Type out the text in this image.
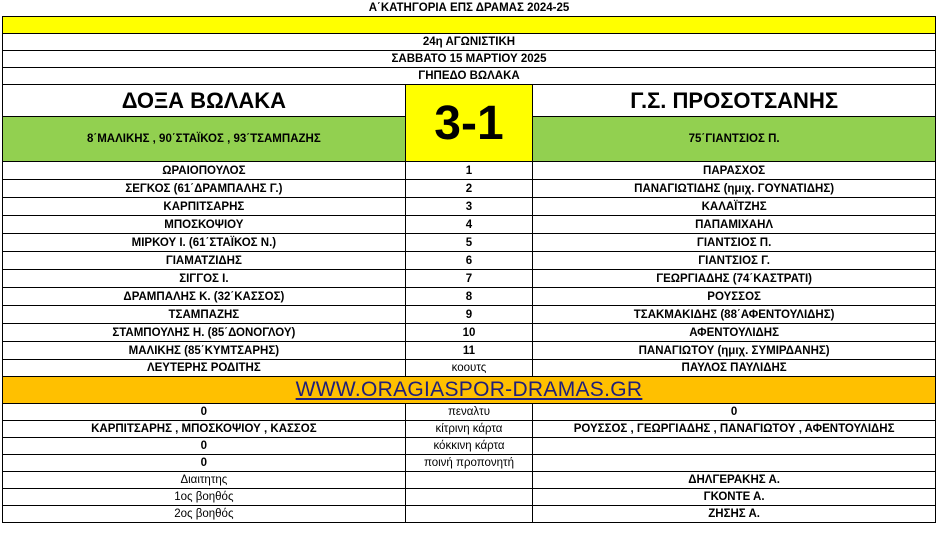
Α΄ΚΑΤΗΓΟΡΙΑ ΕΠΣ ΔΡΑΜΑΣ 2024-25		

24η ΑΓΩΝΙΣΤΙΚΗ		
ΣΑΒΒΑΤΟ 15 ΜΑΡΤΙΟΥ 2025		
ΓΗΠΕΔΟ ΒΩΛΑΚΑ		
ΔΟΞΑ ΒΩΛΑΚΑ	3-1	Γ.Σ. ΠΡΟΣΟΤΣΑΝΗΣ
8΄ΜΑΛΙΚΗΣ , 90΄ΣΤΑΪΚΟΣ , 93΄ΤΣΑΜΠΑΖΗΣ		75΄ΓΙΑΝΤΣΙΟΣ Π.
ΩΡΑΙΟΠΟΥΛΟΣ	1	ΠΑΡΑΣΧΟΣ
ΣΕΓΚΟΣ (61΄ΔΡΑΜΠΑΛΗΣ Γ.)	2	ΠΑΝΑΓΙΩΤΙΔΗΣ (ημιχ. ΓΟΥΝΑΤΙΔΗΣ)
ΚΑΡΠΙΤΣΑΡΗΣ	3	ΚΑΛΑΪΤΖΗΣ
ΜΠΟΣΚΟΨΙΟΥ	4	ΠΑΠΑΜΙΧΑΗΛ
ΜΙΡΚΟΥ Ι. (61΄ΣΤΑΪΚΟΣ Ν.)	5	ΓΙΑΝΤΣΙΟΣ Π.
ΓΙΑΜΑΤΖΙΔΗΣ	6	ΓΙΑΝΤΣΙΟΣ Γ.
ΣΙΓΓΟΣ Ι.	7	ΓΕΩΡΓΙΑΔΗΣ (74΄ΚΑΣΤΡΑΤΙ)
ΔΡΑΜΠΑΛΗΣ Κ. (32΄ΚΑΣΣΟΣ)	8	ΡΟΥΣΣΟΣ
ΤΣΑΜΠΑΖΗΣ	9	ΤΣΑΚΜΑΚΙΔΗΣ (88΄ΑΦΕΝΤΟΥΛΙΔΗΣ)
ΣΤΑΜΠΟΥΛΗΣ Η. (85΄ΔΟΝΟΓΛΟΥ)	10	ΑΦΕΝΤΟΥΛΙΔΗΣ
ΜΑΛΙΚΗΣ (85΄ΚΥΜΤΣΑΡΗΣ)	11	ΠΑΝΑΓΙΩΤΟΥ (ημιχ. ΣΥΜΙΡΔΑΝΗΣ)
ΛΕΥΤΕΡΗΣ ΡΟΔΙΤΗΣ	κοουτς	ΠΑΥΛΟΣ ΠΑΥΛΙΔΗΣ
WWW.ORAGIASPOR-DRAMAS.GR		
0	πεναλτυ	0
ΚΑΡΠΙΤΣΑΡΗΣ , ΜΠΟΣΚΟΨΙΟΥ , ΚΑΣΣΟΣ	κίτρινη κάρτα	ΡΟΥΣΣΟΣ , ΓΕΩΡΓΙΑΔΗΣ , ΠΑΝΑΓΙΩΤΟΥ , ΑΦΕΝΤΟΥΛΙΔΗΣ
0	κόκκινη κάρτα	
0	ποινή προπονητή	
Διαιτητης		ΔΗΛΓΕΡΑΚΗΣ Α.
1ος βοηθός		ΓΚΟΝΤΕ Α.
2ος βοηθός		ΖΗΣΗΣ Α.
